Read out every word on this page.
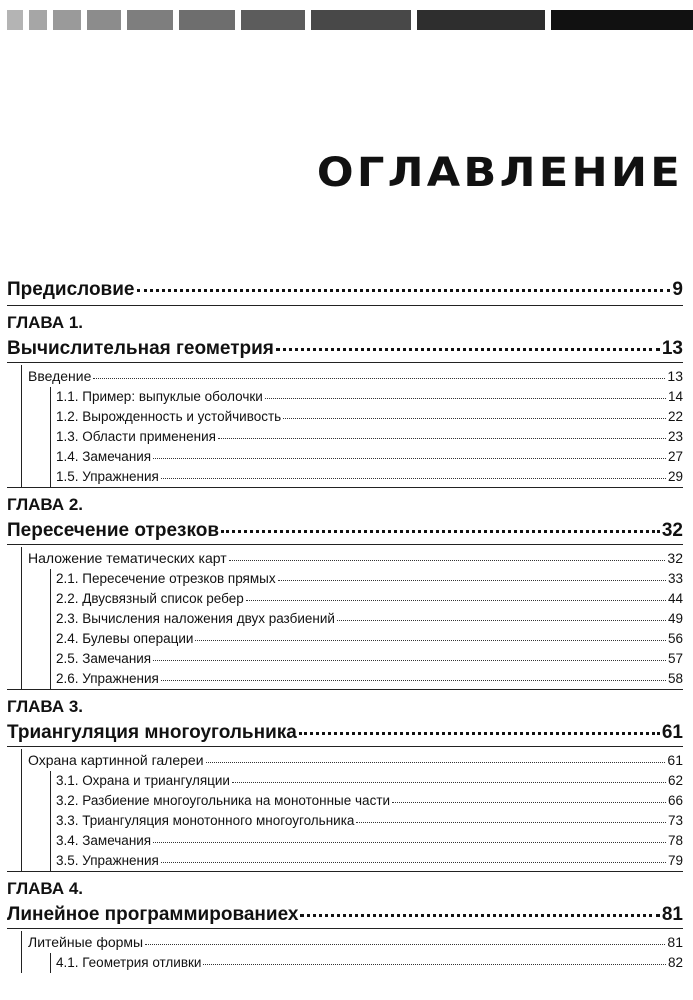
ОГЛАВЛЕНИЕ
Предисловие	9
ГЛАВА 1.
Вычислительная геометрия	13
Введение	13
1.1. Пример: выпуклые оболочки	14
1.2. Вырожденность и устойчивость	22
1.3. Области применения	23
1.4. Замечания	27
1.5. Упражнения	29
ГЛАВА 2.
Пересечение отрезков	32
Наложение тематических карт	32
2.1. Пересечение отрезков прямых	33
2.2. Двусвязный список ребер	44
2.3. Вычисления наложения двух разбиений	49
2.4. Булевы операции	56
2.5. Замечания	57
2.6. Упражнения	58
ГЛАВА 3.
Триангуляция многоугольника	61
Охрана картинной галереи	61
3.1. Охрана и триангуляции	62
3.2. Разбиение многоугольника на монотонные части	66
3.3. Триангуляция монотонного многоугольника	73
3.4. Замечания	78
3.5. Упражнения	79
ГЛАВА 4.
Линейное программированиех	81
Литейные формы	81
4.1. Геометрия отливки	82
